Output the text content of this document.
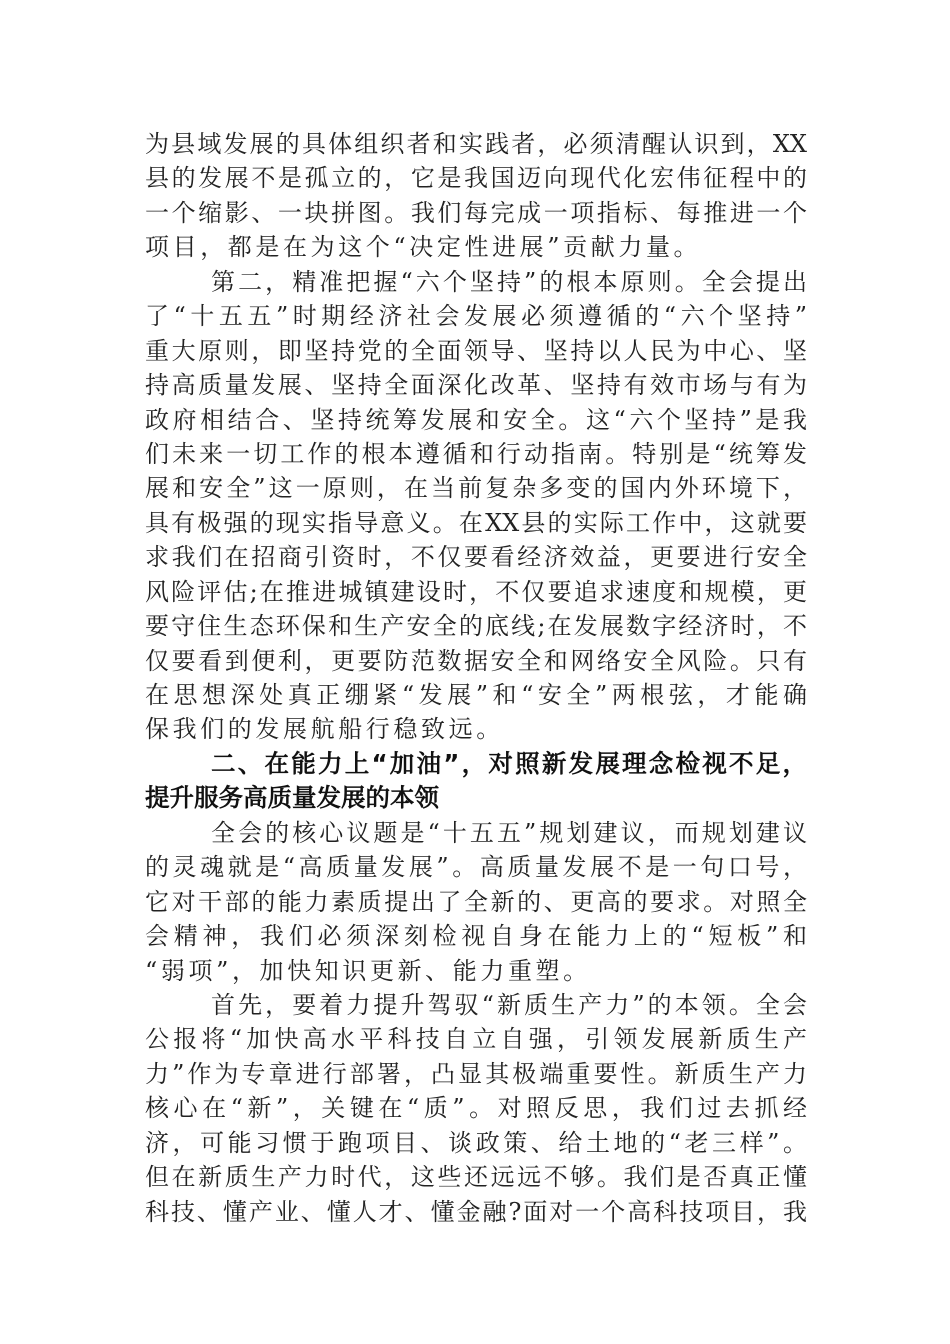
为县域发展的具体组织者和实践者，必须清醒认识到，XX
县的发展不是孤立的，它是我国迈向现代化宏伟征程中的
一个缩影、一块拼图。我们每完成一项指标、每推进一个
项目，都是在为这个“决定性进展”贡献力量。
第二，精准把握“六个坚持”的根本原则。全会提出
了“十五五”时期经济社会发展必须遵循的“六个坚持”
重大原则，即坚持党的全面领导、坚持以人民为中心、坚
持高质量发展、坚持全面深化改革、坚持有效市场与有为
政府相结合、坚持统筹发展和安全。这“六个坚持”是我
们未来一切工作的根本遵循和行动指南。特别是“统筹发
展和安全”这一原则，在当前复杂多变的国内外环境下，
具有极强的现实指导意义。在XX县的实际工作中，这就要
求我们在招商引资时，不仅要看经济效益，更要进行安全
风险评估;在推进城镇建设时，不仅要追求速度和规模，更
要守住生态环保和生产安全的底线;在发展数字经济时，不
仅要看到便利，更要防范数据安全和网络安全风险。只有
在思想深处真正绷紧“发展”和“安全”两根弦，才能确
保我们的发展航船行稳致远。
二、在能力上“加油”，对照新发展理念检视不足，
提升服务高质量发展的本领
全会的核心议题是“十五五”规划建议，而规划建议
的灵魂就是“高质量发展”。高质量发展不是一句口号，
它对干部的能力素质提出了全新的、更高的要求。对照全
会精神，我们必须深刻检视自身在能力上的“短板”和
“弱项”，加快知识更新、能力重塑。
首先，要着力提升驾驭“新质生产力”的本领。全会
公报将“加快高水平科技自立自强，引领发展新质生产
力”作为专章进行部署，凸显其极端重要性。新质生产力
核心在“新”，关键在“质”。对照反思，我们过去抓经
济，可能习惯于跑项目、谈政策、给土地的“老三样”。
但在新质生产力时代，这些还远远不够。我们是否真正懂
科技、懂产业、懂人才、懂金融?面对一个高科技项目，我
